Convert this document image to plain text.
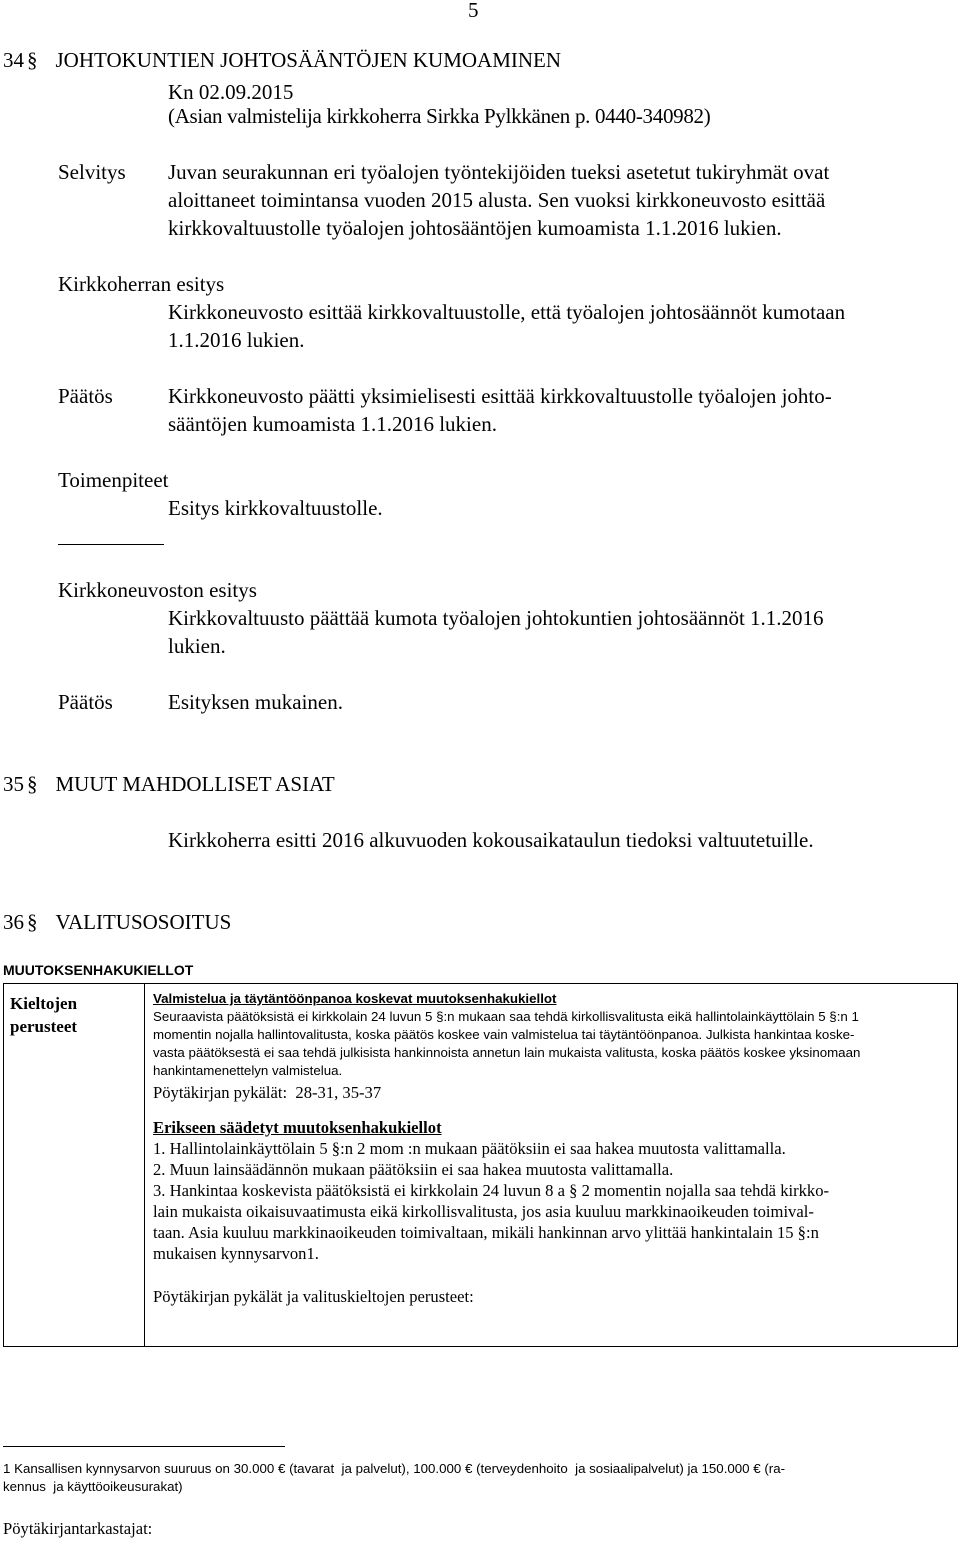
5
34 § JOHTOKUNTIEN JOHTOSÄÄNTÖJEN KUMOAMINEN
Kn 02.09.2015
(Asian valmistelija kirkkoherra Sirkka Pylkkänen p. 0440-340982)
Selvitys Juvan seurakunnan eri työalojen työntekijöiden tueksi asetetut tukiryhmät ovat
aloittaneet toimintansa vuoden 2015 alusta. Sen vuoksi kirkkoneuvosto esittää
kirkkovaltuustolle työalojen johtosääntöjen kumoamista 1.1.2016 lukien.
Kirkkoherran esitys
Kirkkoneuvosto esittää kirkkovaltuustolle, että työalojen johtosäännöt kumotaan
1.1.2016 lukien.
Päätös	Kirkkoneuvosto päätti yksimielisesti esittää kirkkovaltuustolle työalojen johto-
sääntöjen kumoamista 1.1.2016 lukien.
Toimenpiteet
Esitys kirkkovaltuustolle.
Kirkkoneuvoston esitys
Kirkkovaltuusto päättää kumota työalojen johtokuntien johtosäännöt 1.1.2016
lukien.
Päätös	Esityksen mukainen.
35 § MUUT MAHDOLLISET ASIAT
Kirkkoherra esitti 2016 alkuvuoden kokousaikataulun tiedoksi valtuutetuille.
36 § VALITUSOSOITUS
MUUTOKSENHAKUKIELLOT
Kieltojen
perusteet

Valmistelua ja täytäntöönpanoa koskevat muutoksenhakukiellot
Seuraavista päätöksistä ei kirkkolain 24 luvun 5 §:n mukaan saa tehdä kirkollisvalitusta eikä hallintolainkäyttölain 5 §:n 1
momentin nojalla hallintovalitusta, koska päätös koskee vain valmistelua tai täytäntöönpanoa. Julkista hankintaa koske-
vasta päätöksestä ei saa tehdä julkisista hankinnoista annetun lain mukaista valitusta, koska päätös koskee yksinomaan
hankintamenettelyn valmistelua.
Pöytäkirjan pykälät:  28-31, 35-37
Erikseen säädetyt muutoksenhakukiellot
1. Hallintolainkäyttölain 5 §:n 2 mom :n mukaan päätöksiin ei saa hakea muutosta valittamalla.
2. Muun lainsäädännön mukaan päätöksiin ei saa hakea muutosta valittamalla.
3. Hankintaa koskevista päätöksistä ei kirkkolain 24 luvun 8 a § 2 momentin nojalla saa tehdä kirkko-
lain mukaista oikaisuvaatimusta eikä kirkollisvalitusta, jos asia kuuluu markkinaoikeuden toimival-
taan. Asia kuuluu markkinaoikeuden toimivaltaan, mikäli hankinnan arvo ylittää hankintalain 15 §:n
mukaisen kynnysarvon1.
Pöytäkirjan pykälät ja valituskieltojen perusteet:
1 Kansallisen kynnysarvon suuruus on 30.000 € (tavarat  ja palvelut), 100.000 € (terveydenhoito  ja sosiaalipalvelut) ja 150.000 € (ra-
kennus  ja käyttöoikeusurakat)
Pöytäkirjantarkastajat:
